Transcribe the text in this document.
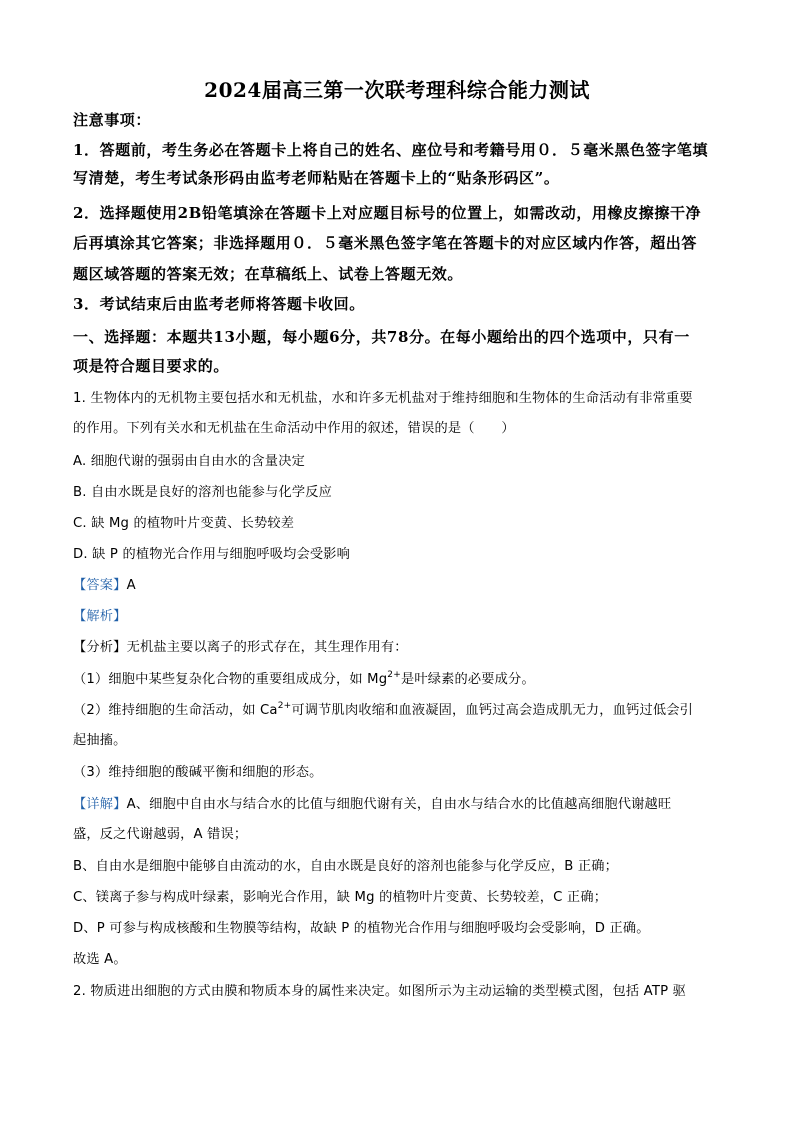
2024届高三第一次联考理科综合能力测试
注意事项：
1．答题前，考生务必在答题卡上将自己的姓名、座位号和考籍号用０．５毫米黑色签字笔填
写清楚，考生考试条形码由监考老师粘贴在答题卡上的“贴条形码区”。
2．选择题使用2B铅笔填涂在答题卡上对应题目标号的位置上，如需改动，用橡皮擦擦干净
后再填涂其它答案；非选择题用０．５毫米黑色签字笔在答题卡的对应区域内作答，超出答
题区域答题的答案无效；在草稿纸上、试卷上答题无效。
3．考试结束后由监考老师将答题卡收回。
一、选择题：本题共13小题，每小题6分，共78分。在每小题给出的四个选项中，只有一
项是符合题目要求的。
1. 生物体内的无机物主要包括水和无机盐，水和许多无机盐对于维持细胞和生物体的生命活动有非常重要
的作用。下列有关水和无机盐在生命活动中作用的叙述，错误的是（　　）
A. 细胞代谢的强弱由自由水的含量决定
B. 自由水既是良好的溶剂也能参与化学反应
C. 缺 Mg 的植物叶片变黄、长势较差
D. 缺 P 的植物光合作用与细胞呼吸均会受影响
【答案】A
【解析】
【分析】无机盐主要以离子的形式存在，其生理作用有：
（1）细胞中某些复杂化合物的重要组成成分，如 $Mg^{2+}$是叶绿素的必要成分。
（2）维持细胞的生命活动，如 $Ca^{2+}$可调节肌肉收缩和血液凝固，血钙过高会造成肌无力，血钙过低会引
起抽搐。
（3）维持细胞的酸碱平衡和细胞的形态。
【详解】A、细胞中自由水与结合水的比值与细胞代谢有关，自由水与结合水的比值越高细胞代谢越旺
盛，反之代谢越弱，A 错误；
B、自由水是细胞中能够自由流动的水，自由水既是良好的溶剂也能参与化学反应，B 正确；
C、镁离子参与构成叶绿素，影响光合作用，缺 Mg 的植物叶片变黄、长势较差，C 正确；
D、P 可参与构成核酸和生物膜等结构，故缺 P 的植物光合作用与细胞呼吸均会受影响，D 正确。
故选 A。
2. 物质进出细胞的方式由膜和物质本身的属性来决定。如图所示为主动运输的类型模式图，包括 ATP 驱
